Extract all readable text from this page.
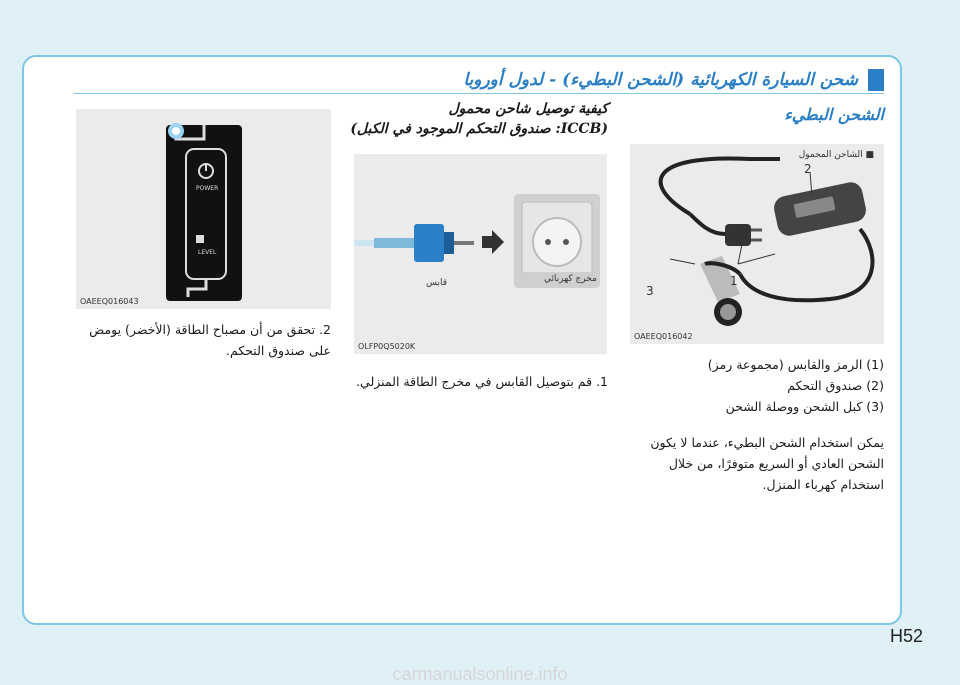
شحن السيارة الكهربائية (الشحن البطيء) - لدول أوروبا
الشحن البطيء
■ الشاحن المحمول
2
1
3
OAEEQ016042
(1) الرمز والقابس (مجموعة رمز)
(2) صندوق التحكم
(3) كبل الشحن ووصلة الشحن
يمكن استخدام الشحن البطيء، عندما لا يكون الشحن العادي أو السريع متوفرًا، من خلال استخدام كهرباء المنزل.
كيفية توصيل شاحن محمول
(ICCB: صندوق التحكم الموجود في الكبل)
مخرج كهربائي
قابس
OLFP0Q5020K
1. قم بتوصيل القابس في مخرج الطاقة المنزلي.
POWER
LEVEL
OAEEQ016043
2. تحقق من أن مصباح الطاقة (الأخضر) يومض على صندوق التحكم.
H52
carmanualsonline.info
